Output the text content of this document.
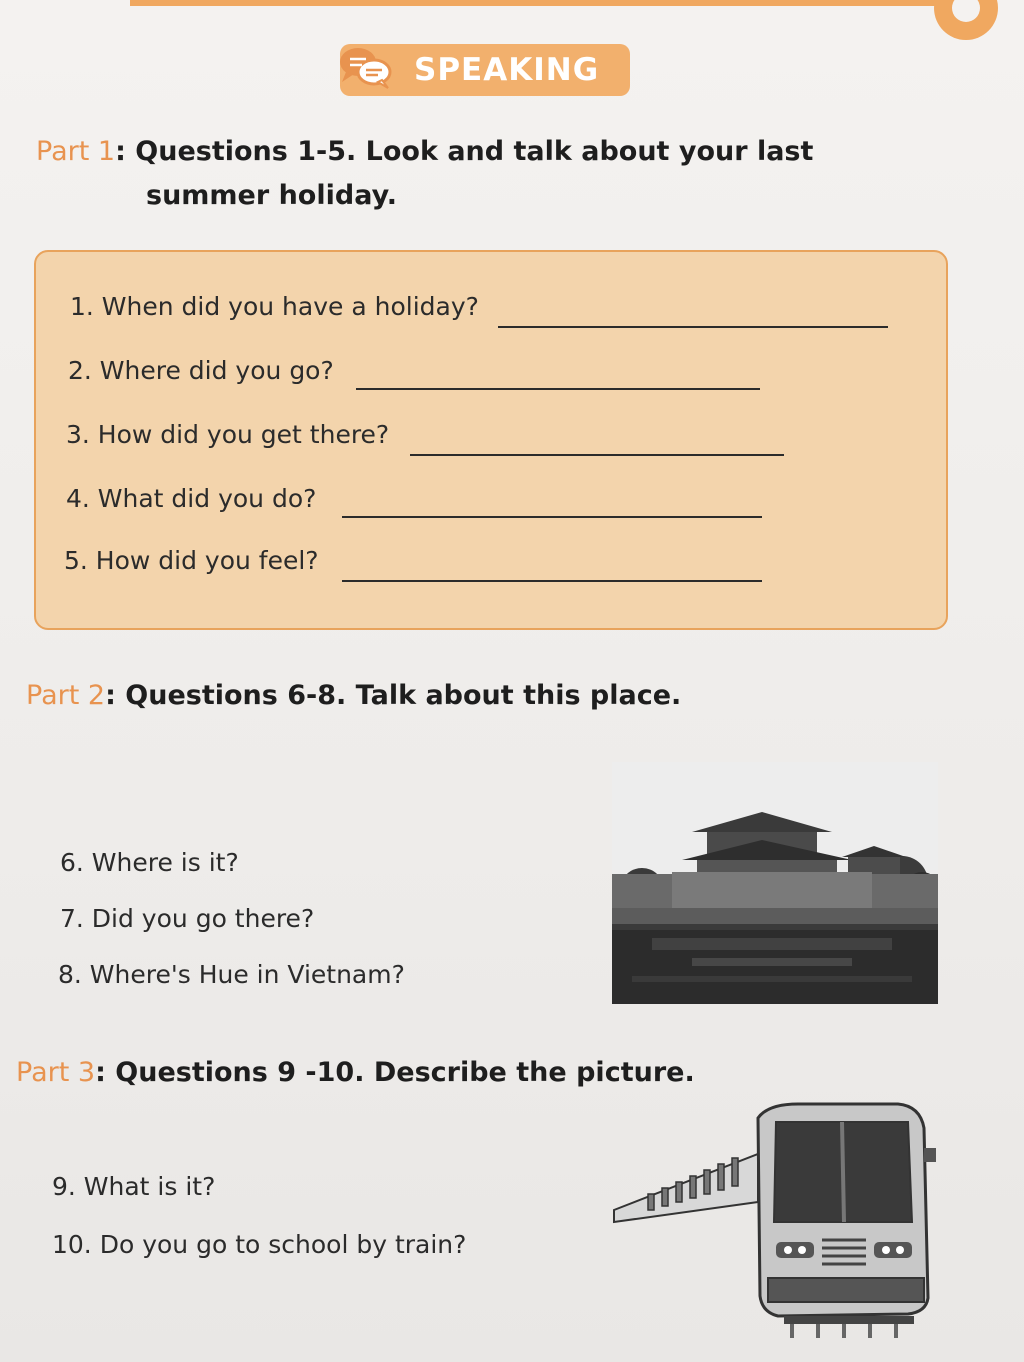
SPEAKING
Part 1: Questions 1-5. Look and talk about your last
summer holiday.
1. When did you have a holiday?
2. Where did you go?
3. How did you get there?
4. What did you do?
5. How did you feel?
Part 2: Questions 6-8. Talk about this place.
6. Where is it?
7. Did you go there?
8. Where's Hue in Vietnam?
Part 3: Questions 9 -10. Describe the picture.
9. What is it?
10. Do you go to school by train?
